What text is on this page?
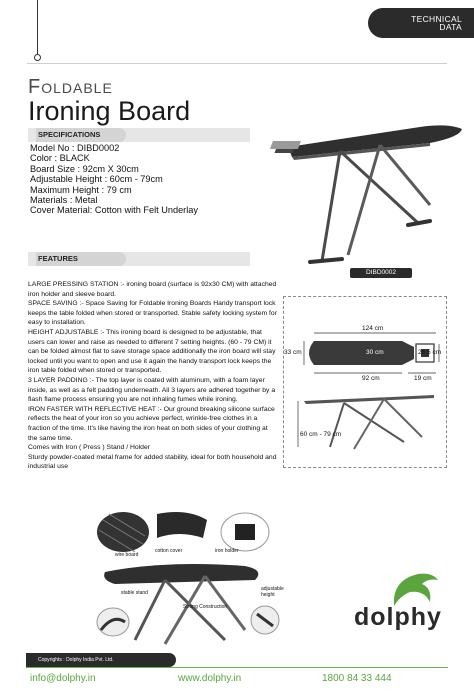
TECHNICAL
DATA
Foldable
Ironing Board
SPECIFICATIONS
Model No : DIBD0002
Color : BLACK
Board Size : 92cm X 30cm
Adjustable Height : 60cm - 79cm
Maximum Height : 79 cm
Materials : Metal
Cover Material: Cotton with Felt Underlay
DIBD0002
FEATURES

LARGE PRESSING STATION :- ironing board (surface is 92x30 CM) with attached iron holder and sleeve board.

SPACE SAVING :- Space Saving for Foldable Ironing Boards Handy transport lock keeps the table folded when stored or transported. Stable safety locking system for easy to installation.

HEIGHT ADJUSTABLE :- This ironing board is designed to be adjustable, that users can lower and raise as needed to different 7 setting heights. (60 - 79 CM) it can be folded almost flat to save storage space additionally the iron board will stay locked until you want to open and use it again the handy transport lock keeps the iron table folded when stored or transported.

3 LAYER PADDING :- The top layer is coated with aluminum, with a foam layer inside, as well as a felt padding underneath. All 3 layers are adhered together by a flash flame process ensuring you are not inhaling fumes while ironing.

IRON FASTER WITH REFLECTIVE HEAT :- Our ground breaking silicone surface reflects the heat of your iron so you achieve perfect, wrinkle-free clothes in a fraction of the time. It's like having the iron heat on both sides of your clothing at the same time.

Comes with Iron ( Press ) Stand / Holder

Sturdy powder-coated metal frame for added stability, ideal for both household and industrial use

124 cm
33 cm	30 cm	26.5 cm
92 cm	19 cm
60 cm - 79 cm
wire board
cotton cover	iron holder
stable stand
adjustable height
Strong Construction	dolphy
Copyrights : Dolphy India Pvt. Ltd.
info@dolphy.in	www.dolphy.in	1800 84 33 444
